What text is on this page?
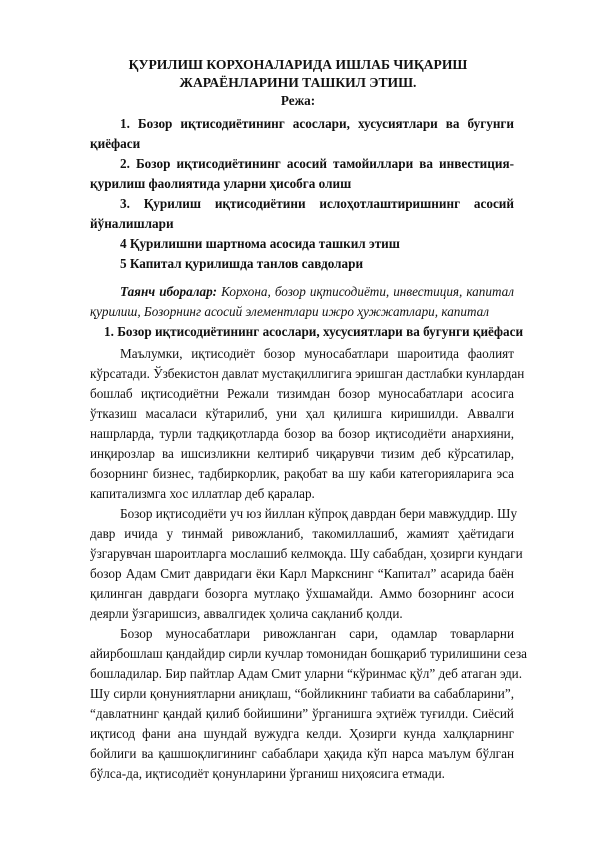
ҚУРИЛИШ КОРХОНАЛАРИДА ИШЛАБ ЧИҚАРИШ
ЖАРАЁНЛАРИНИ ТАШКИЛ ЭТИШ.
Режа:
1. Бозор иқтисодиётининг асослари, хусусиятлари ва бугунги
қиёфаси
2. Бозор иқтисодиётининг асосий тамойиллари ва инвестиция-
қурилиш фаолиятида уларни ҳисобга олиш
3. Қурилиш иқтисодиётини ислоҳотлаштиришнинг асосий
йўналишлари
4 Қурилишни шартнома асосида ташкил этиш
5 Капитал қурилишда танлов савдолари
Таянч иборалар: Корхона, бозор иқтисодиёти, инвестиция, капитал
қурилиш, Бозорнинг асосий элементлари ижро ҳужжатлари, капитал
1. Бозор иқтисодиётининг асослари, хусусиятлари ва бугунги қиёфаси
Маълумки, иқтисодиёт бозор муносабатлари шароитида фаолият
кўрсатади. Ўзбекистон давлат мустақиллигига эришган дастлабки кунлардан
бошлаб иқтисодиётни Режали тизимдан бозор муносабатлари асосига
ўтказиш масаласи кўтарилиб, уни ҳал қилишга киришилди. Аввалги
нашрларда, турли тадқиқотларда бозор ва бозор иқтисодиёти анархияни,
инқирозлар ва ишсизликни келтириб чиқарувчи тизим деб кўрсатилар,
бозорнинг бизнес, тадбиркорлик, рақобат ва шу каби категорияларига эса
капитализмга хос иллатлар деб қаралар.
Бозор иқтисодиёти уч юз йиллан кўпроқ даврдан бери мавжуддир. Шу
давр ичида у тинмай ривожланиб, такомиллашиб, жамият ҳаётидаги
ўзгарувчан шароитларга мослашиб келмоқда. Шу сабабдан, ҳозирги кундаги
бозор Адам Смит давридаги ёки Карл Маркснинг “Капитал” асарида баён
қилинган даврдаги бозорга мутлақо ўхшамайди. Аммо бозорнинг асоси
деярли ўзгаришсиз, аввалгидек ҳолича сақланиб қолди.
Бозор муносабатлари ривожланган сари, одамлар товарларни
айирбошлаш қандайдир сирли кучлар томонидан бошқариб турилишини сеза
бошладилар. Бир пайтлар Адам Смит уларни “кўринмас қўл” деб атаган эди.
Шу сирли қонуниятларни аниқлаш, “бойликнинг табиати ва сабабларини”,
“давлатнинг қандай қилиб бойишини” ўрганишга эҳтиёж туғилди. Сиёсий
иқтисод фани ана шундай вужудга келди. Ҳозирги кунда халқларнинг
бойлиги ва қашшоқлигининг сабаблари ҳақида кўп нарса маълум бўлган
бўлса-да, иқтисодиёт қонунларини ўрганиш ниҳоясига етмади.
